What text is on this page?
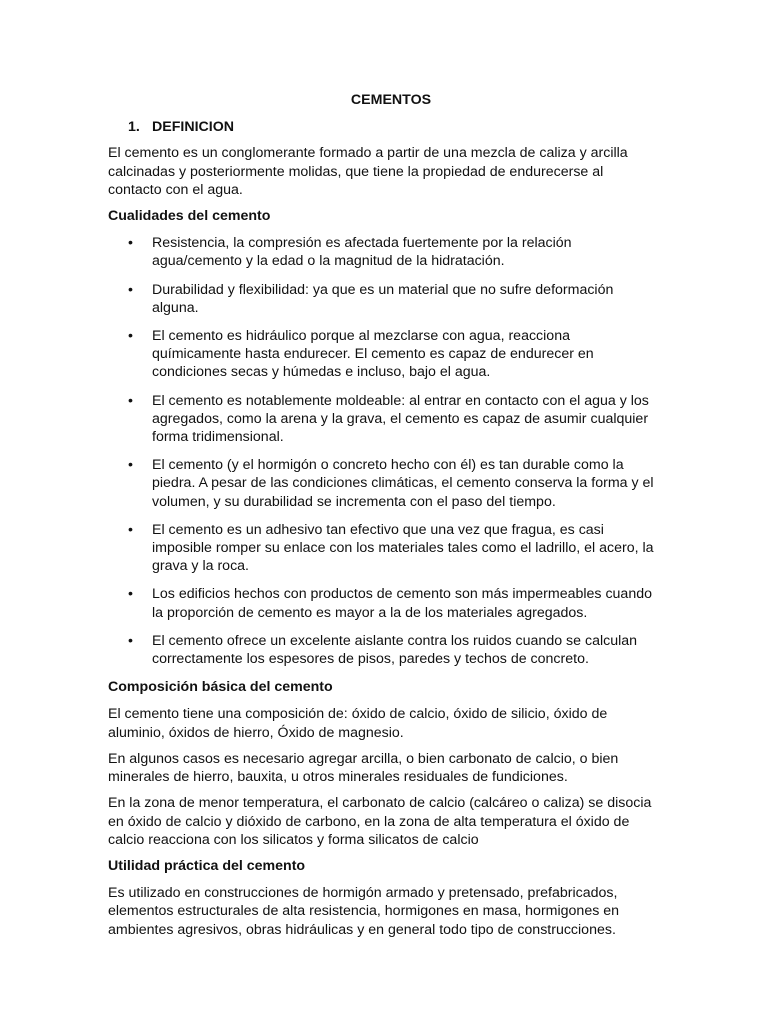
CEMENTOS
1. DEFINICION

El cemento es un conglomerante formado a partir de una mezcla de caliza y arcilla calcinadas y posteriormente molidas, que tiene la propiedad de endurecerse al contacto con el agua.

Cualidades del cemento
• Resistencia, la compresión es afectada fuertemente por la relación agua/cemento y la edad o la magnitud de la hidratación.
• Durabilidad y flexibilidad: ya que es un material que no sufre deformación alguna.
• El cemento es hidráulico porque al mezclarse con agua, reacciona químicamente hasta endurecer. El cemento es capaz de endurecer en condiciones secas y húmedas e incluso, bajo el agua.
• El cemento es notablemente moldeable: al entrar en contacto con el agua y los agregados, como la arena y la grava, el cemento es capaz de asumir cualquier forma tridimensional.
• El cemento (y el hormigón o concreto hecho con él) es tan durable como la piedra. A pesar de las condiciones climáticas, el cemento conserva la forma y el volumen, y su durabilidad se incrementa con el paso del tiempo.
• El cemento es un adhesivo tan efectivo que una vez que fragua, es casi imposible romper su enlace con los materiales tales como el ladrillo, el acero, la grava y la roca.
• Los edificios hechos con productos de cemento son más impermeables cuando la proporción de cemento es mayor a la de los materiales agregados.
• El cemento ofrece un excelente aislante contra los ruidos cuando se calculan correctamente los espesores de pisos, paredes y techos de concreto.
Composición básica del cemento

El cemento tiene una composición de: óxido de calcio, óxido de silicio, óxido de aluminio, óxidos de hierro, Óxido de magnesio.

En algunos casos es necesario agregar arcilla, o bien carbonato de calcio, o bien minerales de hierro, bauxita, u otros minerales residuales de fundiciones.

En la zona de menor temperatura, el carbonato de calcio (calcáreo o caliza) se disocia en óxido de calcio y dióxido de carbono, en la zona de alta temperatura el óxido de calcio reacciona con los silicatos y forma silicatos de calcio

Utilidad práctica del cemento

Es utilizado en construcciones de hormigón armado y pretensado, prefabricados, elementos estructurales de alta resistencia, hormigones en masa, hormigones en ambientes agresivos, obras hidráulicas y en general todo tipo de construcciones.
